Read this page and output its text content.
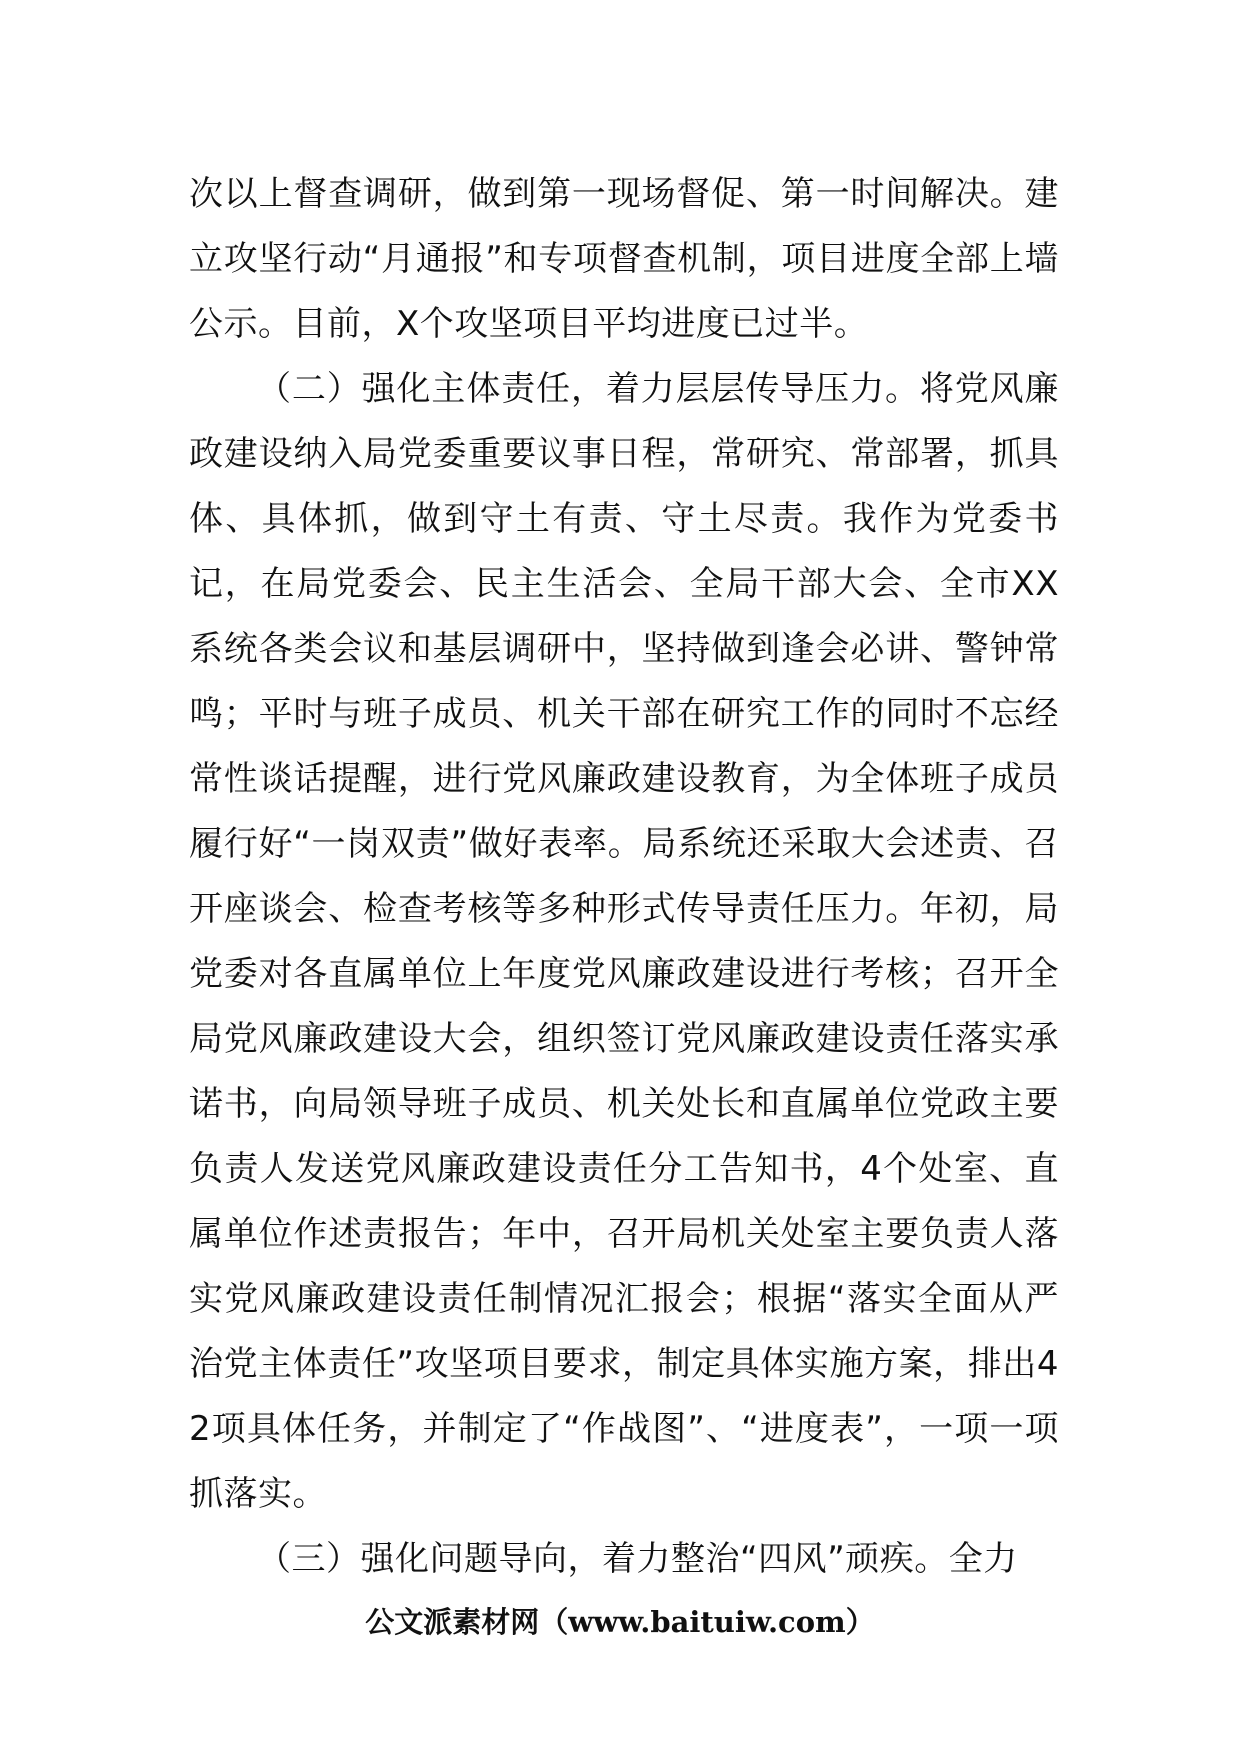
次以上督查调研，做到第一现场督促、第一时间解决。建立攻坚行动“月通报”和专项督查机制，项目进度全部上墙公示。目前，X个攻坚项目平均进度已过半。

（二）强化主体责任，着力层层传导压力。将党风廉政建设纳入局党委重要议事日程，常研究、常部署，抓具体、具体抓，做到守土有责、守土尽责。我作为党委书记，在局党委会、民主生活会、全局干部大会、全市XX系统各类会议和基层调研中，坚持做到逢会必讲、警钟常鸣；平时与班子成员、机关干部在研究工作的同时不忘经常性谈话提醒，进行党风廉政建设教育，为全体班子成员履行好“一岗双责”做好表率。局系统还采取大会述责、召开座谈会、检查考核等多种形式传导责任压力。年初，局党委对各直属单位上年度党风廉政建设进行考核；召开全局党风廉政建设大会，组织签订党风廉政建设责任落实承诺书，向局领导班子成员、机关处长和直属单位党政主要负责人发送党风廉政建设责任分工告知书，4个处室、直属单位作述责报告；年中，召开局机关处室主要负责人落实党风廉政建设责任制情况汇报会；根据“落实全面从严治党主体责任”攻坚项目要求，制定具体实施方案，排出42项具体任务，并制定了“作战图”、“进度表”，一项一项抓落实。

（三）强化问题导向，着力整治“四风”顽疾。全力

公文派素材网（www.baituiw.com）
